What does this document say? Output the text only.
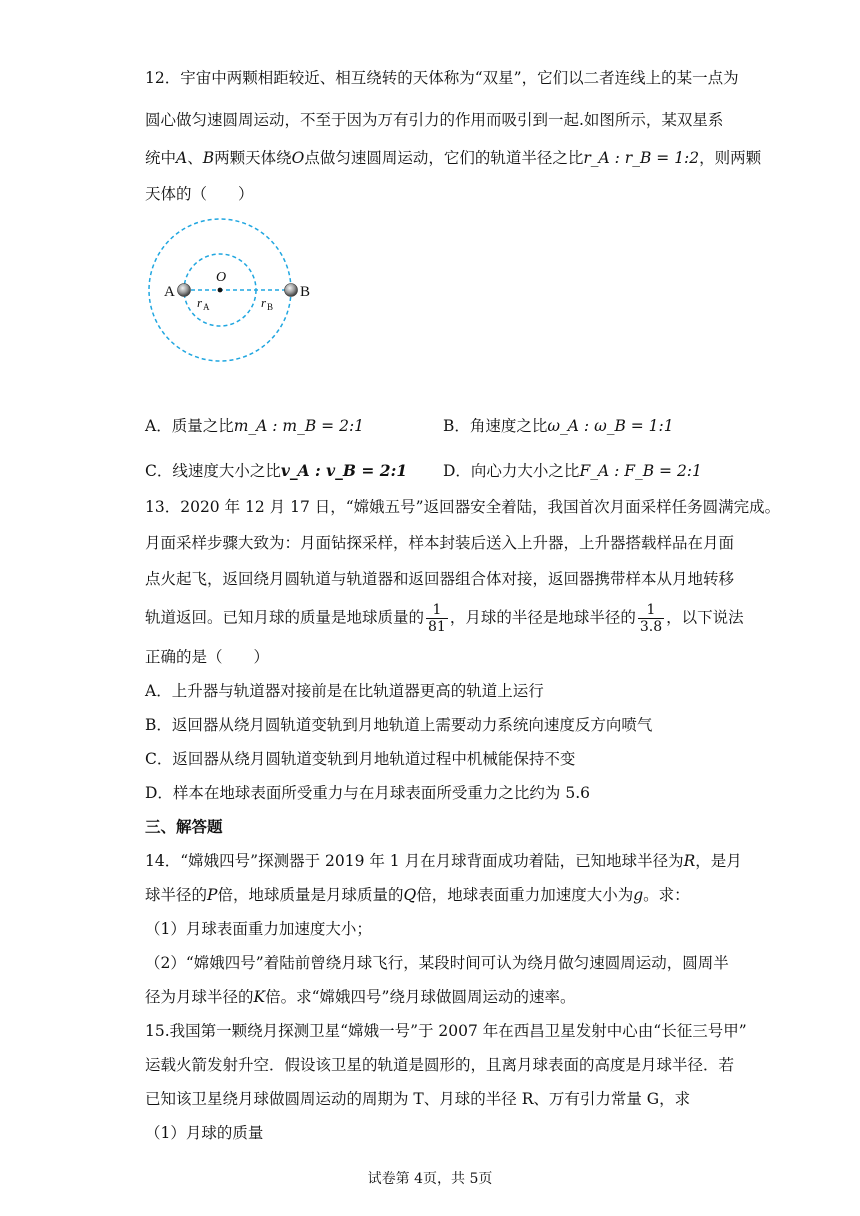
12．宇宙中两颗相距较近、相互绕转的天体称为“双星”，它们以二者连线上的某一点为
圆心做匀速圆周运动，不至于因为万有引力的作用而吸引到一起.如图所示，某双星系
统中A、B两颗天体绕O点做匀速圆周运动，它们的轨道半径之比r_A : r_B = 1:2，则两颗
天体的（　　）
A	B
O
r A	r B
A．质量之比m_A : m_B = 2:1	B．角速度之比ω_A : ω_B = 1:1
C．线速度大小之比v_A : v_B = 2:1 D．向心力大小之比F_A : F_B = 2:1
13．2020 年 12 月 17 日，“嫦娥五号”返回器安全着陆，我国首次月面采样任务圆满完成。
月面采样步骤大致为：月面钻探采样，样本封装后送入上升器，上升器搭载样品在月面
点火起飞，返回绕月圆轨道与轨道器和返回器组合体对接，返回器携带样本从月地转移
轨道返回。已知月球的质量是地球质量的 $\frac{1}{81}$ ，月球的半径是地球半径的 $\frac{1}{3.8}$ ，以下说法
正确的是（　　）
A．上升器与轨道器对接前是在比轨道器更高的轨道上运行
B．返回器从绕月圆轨道变轨到月地轨道上需要动力系统向速度反方向喷气
C．返回器从绕月圆轨道变轨到月地轨道过程中机械能保持不变
D．样本在地球表面所受重力与在月球表面所受重力之比约为 5.6
三、解答题
14．“嫦娥四号”探测器于 2019 年 1 月在月球背面成功着陆，已知地球半径为R，是月
球半径的P倍，地球质量是月球质量的Q倍，地球表面重力加速度大小为g。求：
（1）月球表面重力加速度大小；
（2）“嫦娥四号”着陆前曾绕月球飞行，某段时间可认为绕月做匀速圆周运动，圆周半
径为月球半径的K倍。求“嫦娥四号”绕月球做圆周运动的速率。
15.我国第一颗绕月探测卫星“嫦娥一号”于 2007 年在西昌卫星发射中心由“长征三号甲”
运载火箭发射升空．假设该卫星的轨道是圆形的，且离月球表面的高度是月球半径．若
已知该卫星绕月球做圆周运动的周期为 T、月球的半径 R、万有引力常量 G，求
（1）月球的质量
试卷第 4页，共 5页
